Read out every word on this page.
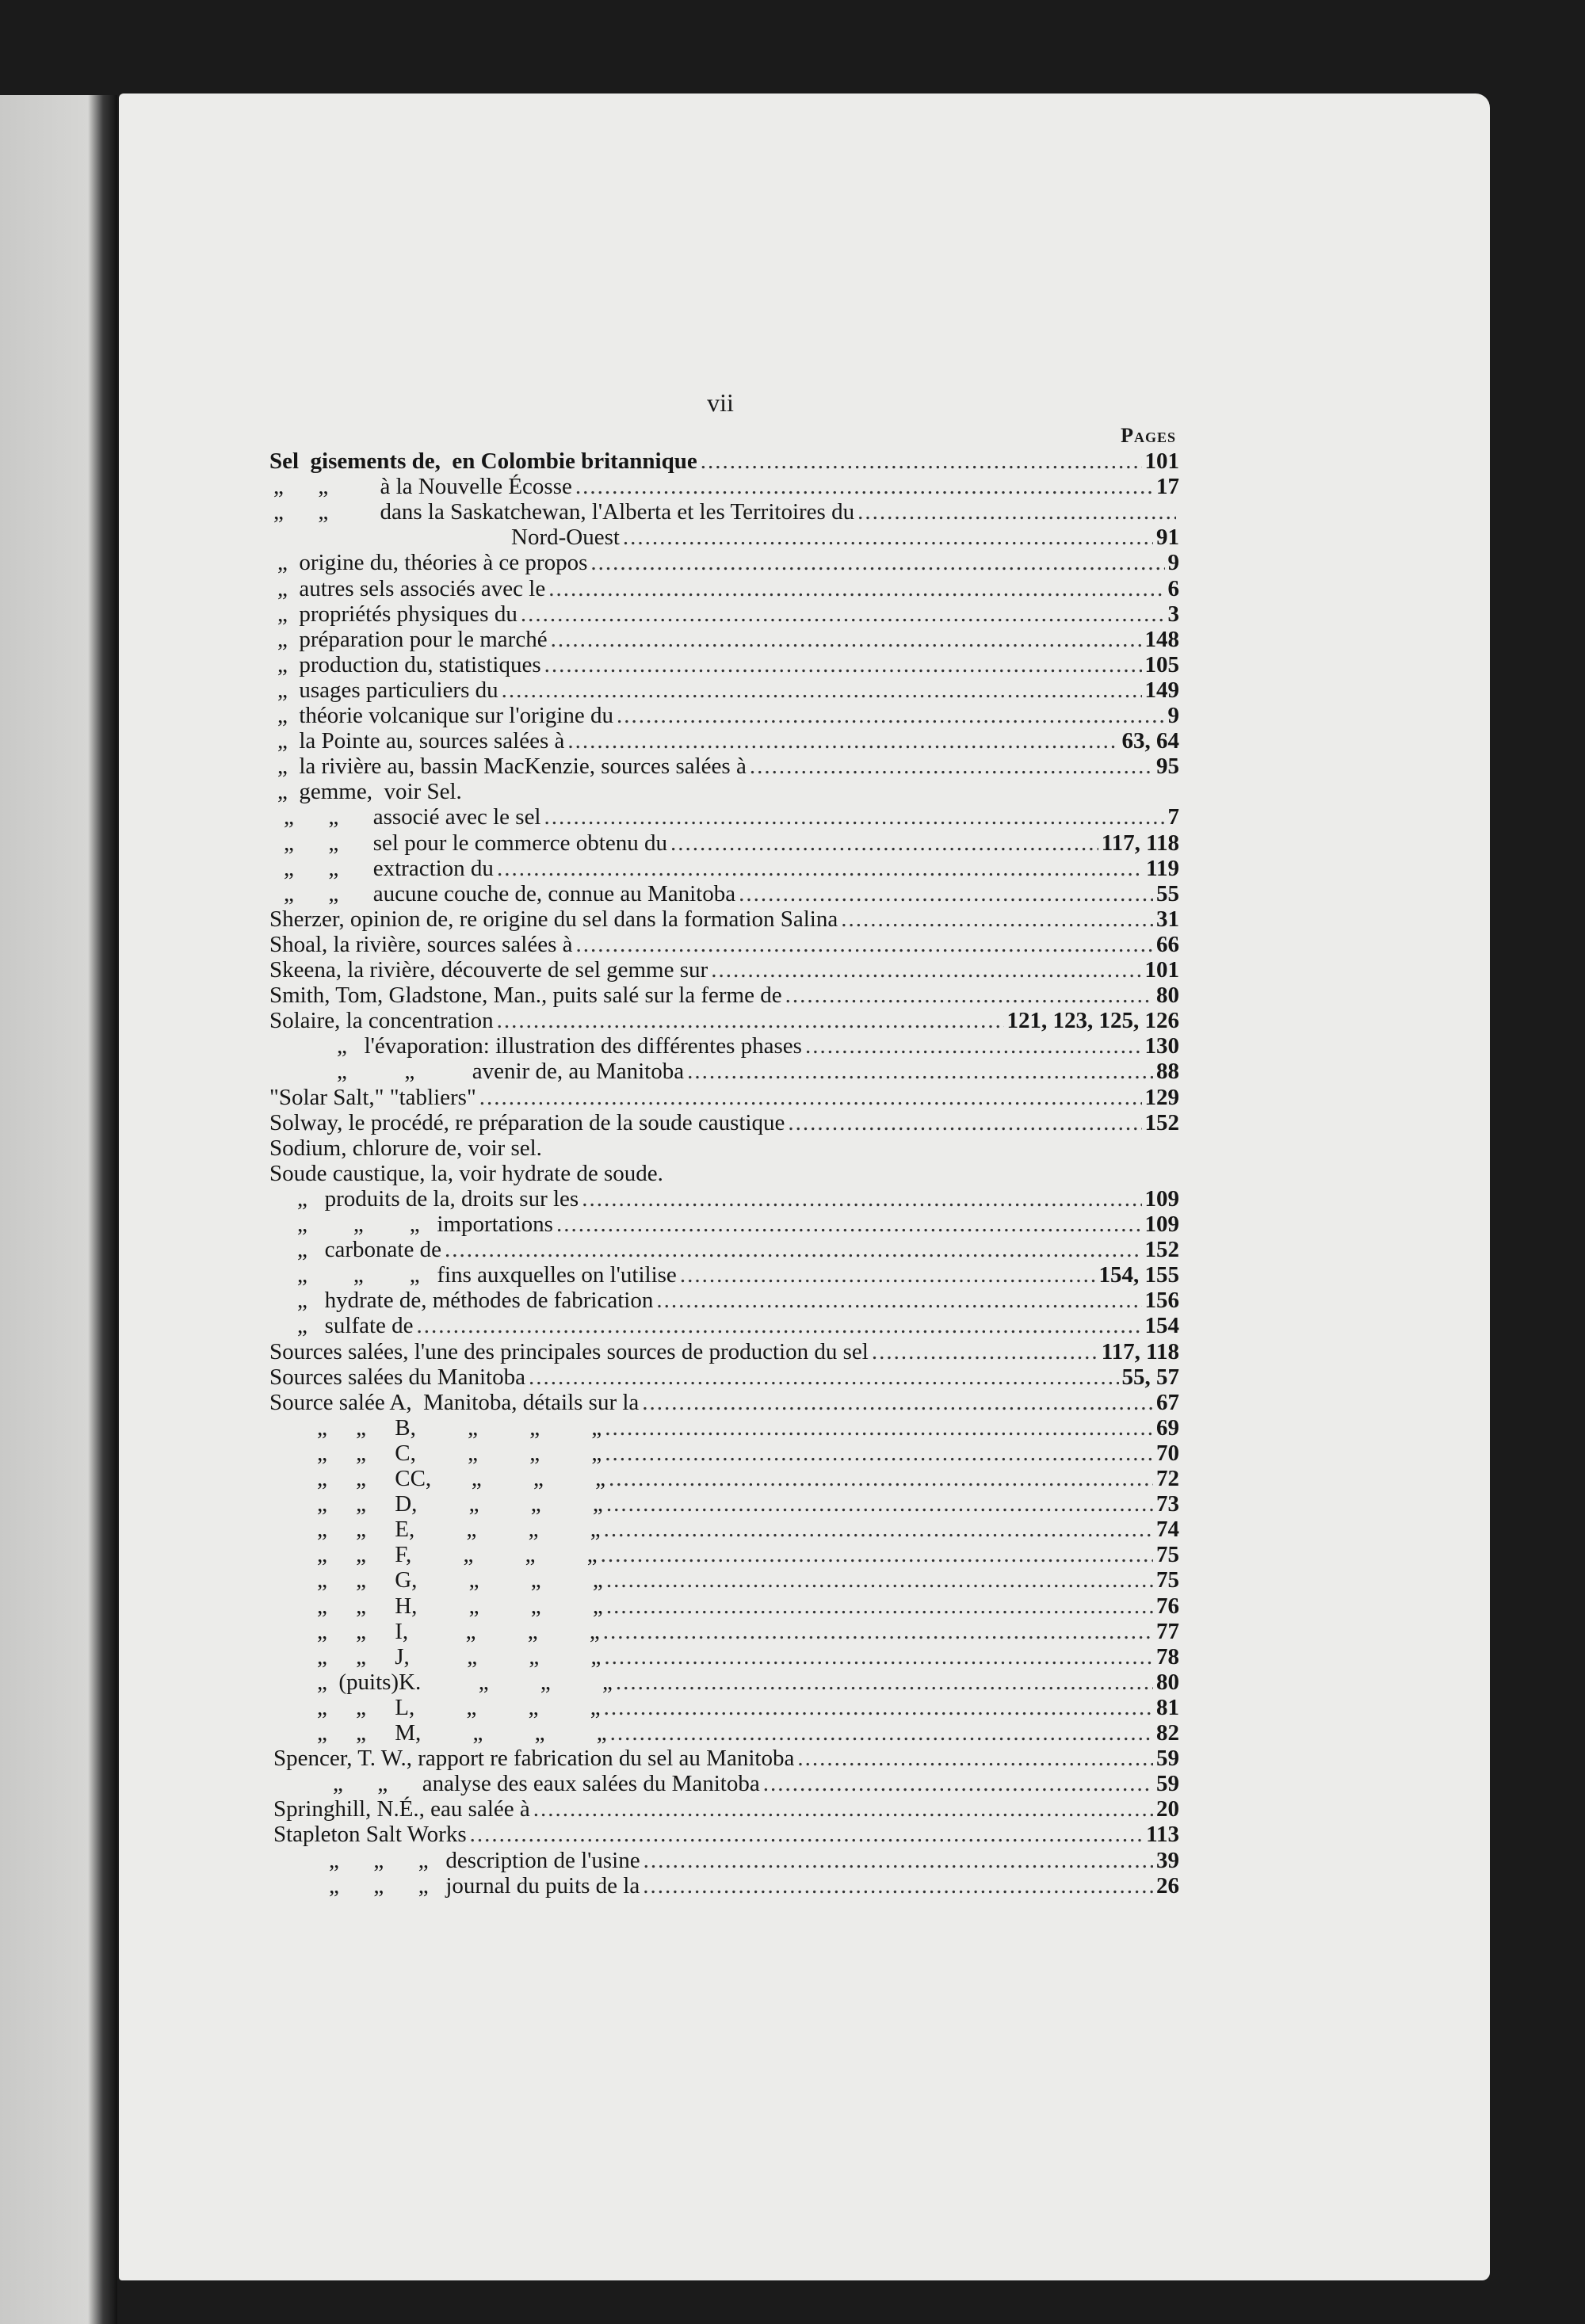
vii
Pages
Sel  gisements de,  en Colombie britannique .....	101
„      „         à la Nouvelle Écosse .....	17
„      „         dans la Saskatchewan, l'Alberta et les Territoires du
.....
Nord-Ouest .....	91
„  origine du, théories à ce propos .....	9
„  autres sels associés avec le .....	6
„  propriétés physiques du .....	3
„  préparation pour le marché .....	148
„  production du, statistiques .....	105
„  usages particuliers du .....	149
„  théorie volcanique sur l'origine du .....	9
„  la Pointe au, sources salées à .....	63, 64
„  la rivière au, bassin MacKenzie, sources salées à .....	95
„  gemme,  voir Sel.
„      „      associé avec le sel .....	7
„      „      sel pour le commerce obtenu du .....	117, 118
„      „      extraction du .....	119
„      „      aucune couche de, connue au Manitoba .....	55
Sherzer, opinion de, re origine du sel dans la formation Salina .....	31
Shoal, la rivière, sources salées à .....	66
Skeena, la rivière, découverte de sel gemme sur .....	101
Smith, Tom, Gladstone, Man., puits salé sur la ferme de .....	80
Solaire, la concentration .....	121, 123, 125, 126
„   l'évaporation: illustration des différentes phases .....	130
„          „          avenir de, au Manitoba .....	88
"Solar Salt," "tabliers" .....	129
Solway, le procédé, re préparation de la soude caustique .....	152
Sodium, chlorure de, voir sel.
Soude caustique, la, voir hydrate de soude.
„   produits de la, droits sur les .....	109
„        „        „   importations .....	109
„   carbonate de .....	152
„        „        „   fins auxquelles on l'utilise .....	154, 155
„   hydrate de, méthodes de fabrication .....	156
„   sulfate de .....	154
Sources salées, l'une des principales sources de production du sel .....	117, 118
Sources salées du Manitoba .....	55, 57
Source salée A,  Manitoba, détails sur la .....	67
„     „     B,         „         „         „ .....	69
„     „     C,         „         „         „ .....	70
„     „     CC,       „         „         „ .....	72
„     „     D,         „         „         „ .....	73
„     „     E,         „         „         „ .....	74
„     „     F,         „         „         „ .....	75
„     „     G,         „         „         „ .....	75
„     „     H,         „         „         „ .....	76
„     „     I,          „         „         „ .....	77
„     „     J,          „         „         „ .....	78
„  (puits)K.          „         „         „ .....	80
„     „     L,         „         „         „ .....	81
„     „     M,         „         „         „ .....	82
Spencer, T. W., rapport re fabrication du sel au Manitoba .....	59
„      „      analyse des eaux salées du Manitoba .....	59
Springhill, N.É., eau salée à .....	20
Stapleton Salt Works .....	113
„      „      „   description de l'usine .....	39
„      „      „   journal du puits de la .....	26
